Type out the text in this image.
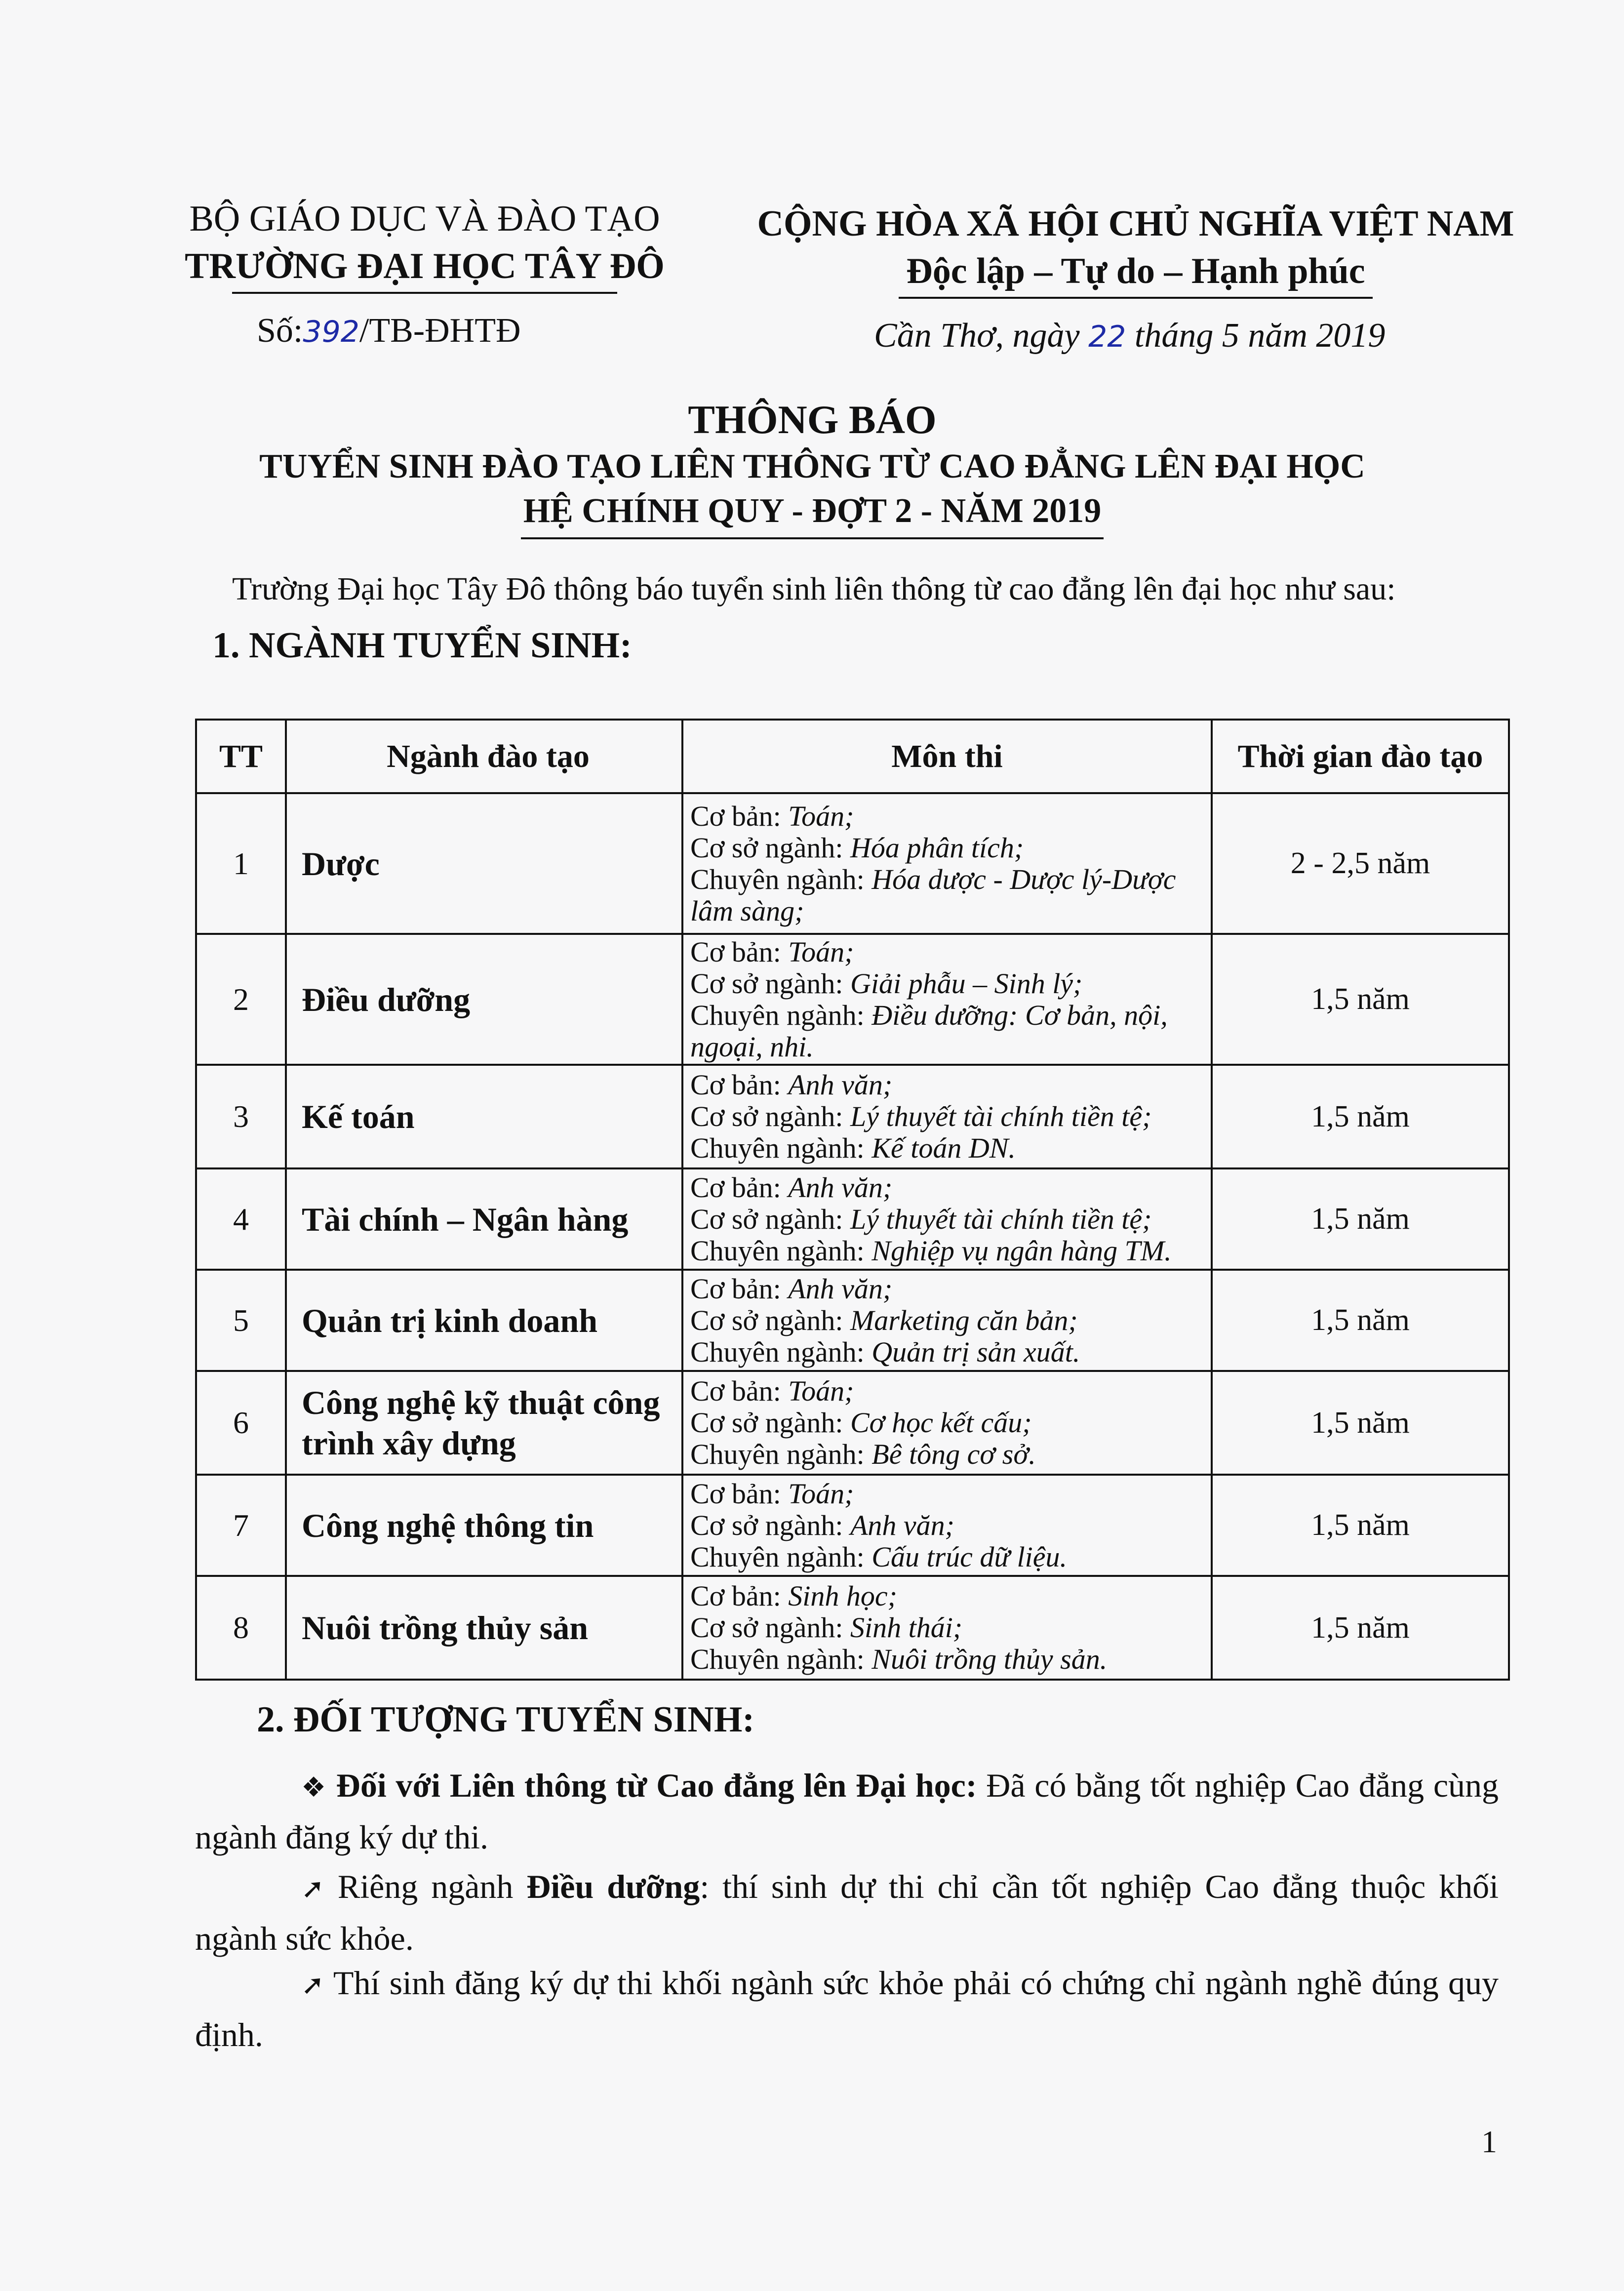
BỘ GIÁO DỤC VÀ ĐÀO TẠO
TRƯỜNG ĐẠI HỌC TÂY ĐÔ
Số:392/TB-ĐHTĐ
CỘNG HÒA XÃ HỘI CHỦ NGHĨA VIỆT NAM
Độc lập – Tự do – Hạnh phúc
Cần Thơ, ngày 22 tháng 5 năm 2019
THÔNG BÁO
TUYỂN SINH ĐÀO TẠO LIÊN THÔNG TỪ CAO ĐẲNG LÊN ĐẠI HỌC
HỆ CHÍNH QUY - ĐỢT 2 - NĂM 2019
Trường Đại học Tây Đô thông báo tuyển sinh liên thông từ cao đẳng lên đại học như sau:
1. NGÀNH TUYỂN SINH:
TT	Ngành đào tạo	Môn thi	Thời gian đào tạo
1	Dược	Cơ bản: Toán;
Cơ sở ngành: Hóa phân tích;
Chuyên ngành: Hóa dược - Dược lý-Dược lâm sàng;	2 - 2,5 năm
2	Điều dưỡng	Cơ bản: Toán;
Cơ sở ngành: Giải phẫu – Sinh lý;
Chuyên ngành: Điều dưỡng: Cơ bản, nội, ngoại, nhi.	1,5 năm
3	Kế toán	Cơ bản: Anh văn;
Cơ sở ngành: Lý thuyết tài chính tiền tệ;
Chuyên ngành: Kế toán DN.	1,5 năm
4	Tài chính – Ngân hàng	Cơ bản: Anh văn;
Cơ sở ngành: Lý thuyết tài chính tiền tệ;
Chuyên ngành: Nghiệp vụ ngân hàng TM.	1,5 năm
5	Quản trị kinh doanh	Cơ bản: Anh văn;
Cơ sở ngành: Marketing căn bản;
Chuyên ngành: Quản trị sản xuất.	1,5 năm
6	Công nghệ kỹ thuật công trình xây dựng	Cơ bản: Toán;
Cơ sở ngành: Cơ học kết cấu;
Chuyên ngành: Bê tông cơ sở.	1,5 năm
7	Công nghệ thông tin	Cơ bản: Toán;
Cơ sở ngành: Anh văn;
Chuyên ngành: Cấu trúc dữ liệu.	1,5 năm
8	Nuôi trồng thủy sản	Cơ bản: Sinh học;
Cơ sở ngành: Sinh thái;
Chuyên ngành: Nuôi trồng thủy sản.	1,5 năm
2. ĐỐI TƯỢNG TUYỂN SINH:
❖ Đối với Liên thông từ Cao đẳng lên Đại học: Đã có bằng tốt nghiệp Cao đẳng cùng ngành đăng ký dự thi.
➚ Riêng ngành Điều dưỡng: thí sinh dự thi chỉ cần tốt nghiệp Cao đẳng thuộc khối ngành sức khỏe.
➚ Thí sinh đăng ký dự thi khối ngành sức khỏe phải có chứng chỉ ngành nghề đúng quy định.
1
